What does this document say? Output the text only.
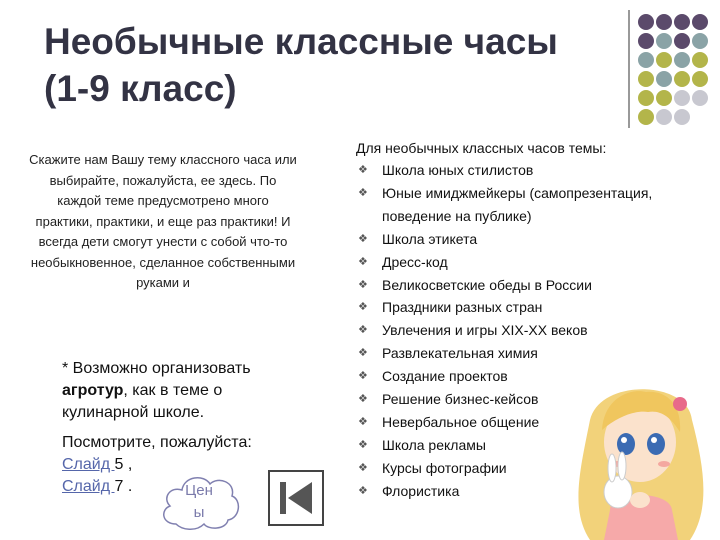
Необычные классные часы
(1-9 класс)
Скажите нам Вашу тему классного часа или выбирайте, пожалуйста, ее здесь. По каждой теме предусмотрено много практики, практики, и еще раз практики! И всегда дети смогут унести с собой что-то необыкновенное, сделанное собственными руками и
* Возможно организовать агротур, как в теме о кулинарной школе.
Посмотрите, пожалуйста:
Слайд 5 ,
Слайд 7 .	Цен
ы
Для необычных классных часов темы:
❖ Школа юных стилистов
❖ Юные имиджмейкеры (самопрезентация, поведение на публике)
❖ Школа этикета
❖ Дресс-код
❖ Великосветские обеды в России
❖ Праздники разных стран
❖ Увлечения и игры XIX-XX веков
❖ Развлекательная химия
❖ Создание проектов
❖ Решение бизнес-кейсов
❖ Невербальное общение
❖ Школа рекламы
❖ Курсы фотографии
❖ Флористика
